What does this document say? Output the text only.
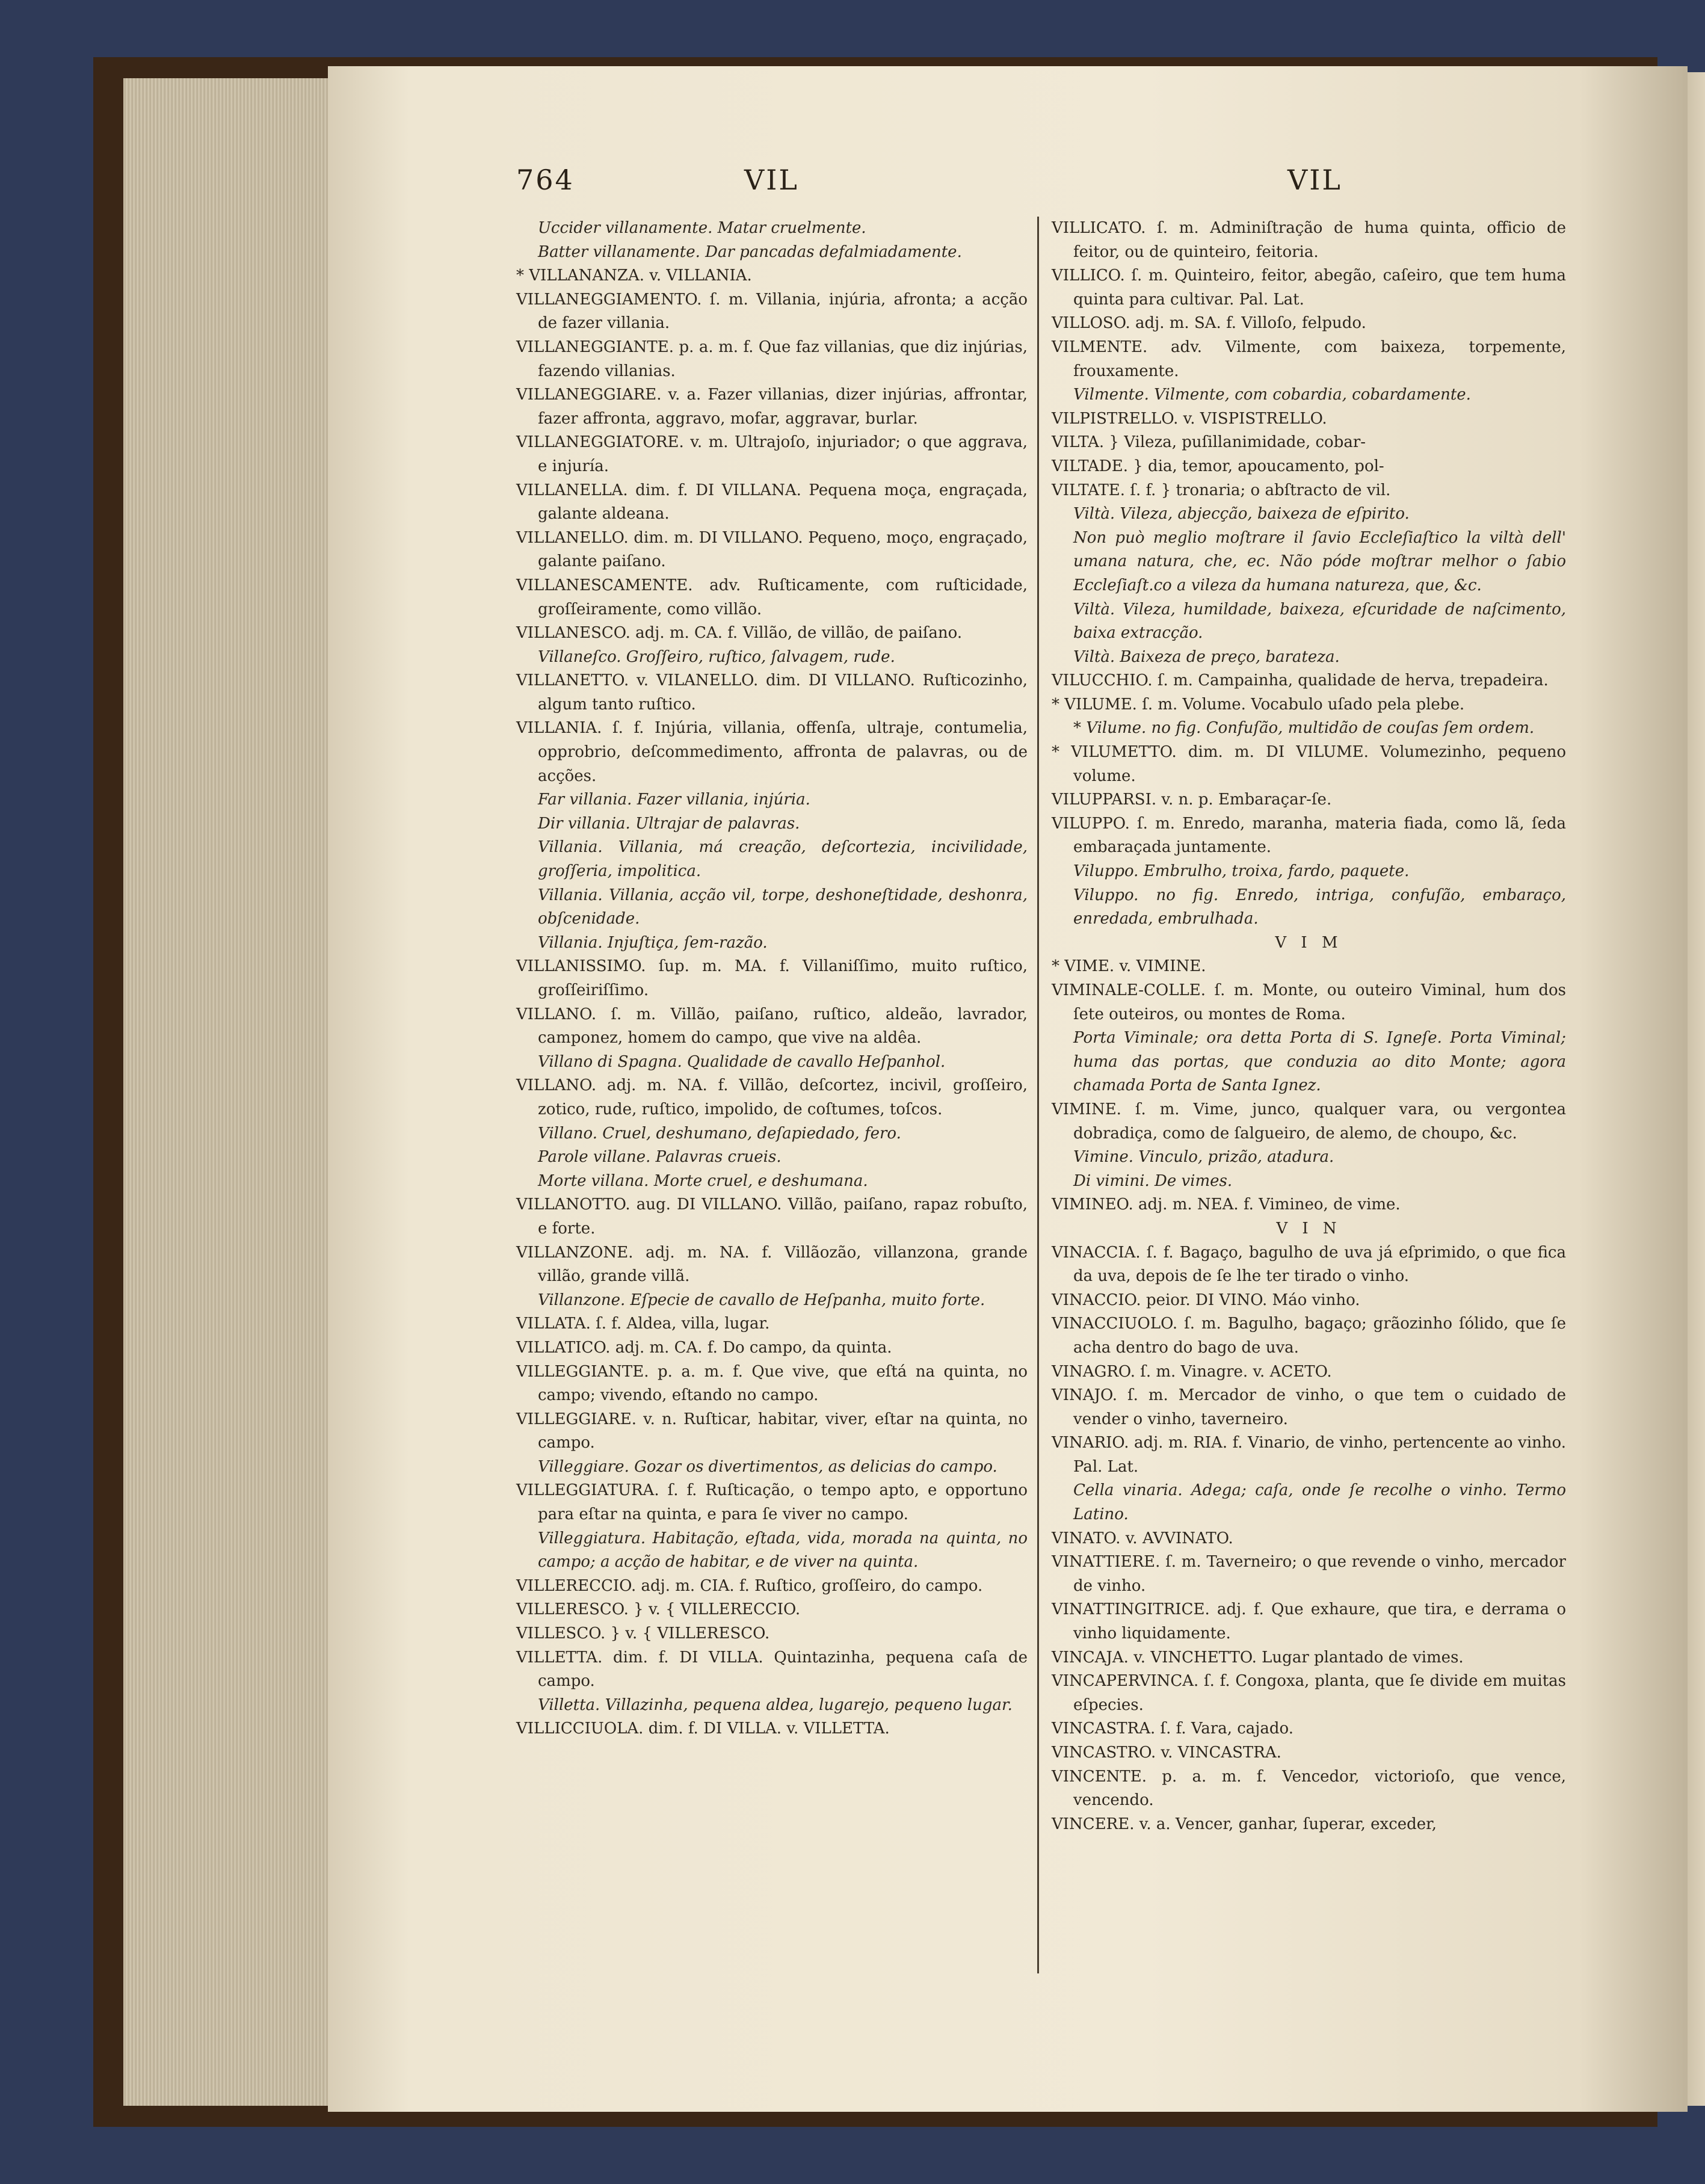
764	VIL	VIL

Uccider villanamente. Matar cruelmente.

Batter villanamente. Dar pancadas defalmiadamente.

* VILLANANZA. v. VILLANIA.

VILLANEGGIAMENTO. ſ. m. Villania, injúria, afronta; a acção de fazer villania.

VILLANEGGIANTE. p. a. m. f. Que faz villanias, que diz injúrias, fazendo villanias.

VILLANEGGIARE. v. a. Fazer villanias, dizer injúrias, affrontar, fazer affronta, aggravo, mofar, aggravar, burlar.

VILLANEGGIATORE. v. m. Ultrajoſo, injuriador; o que aggrava, e injuría.

VILLANELLA. dim. f. DI VILLANA. Pequena moça, engraçada, galante aldeana.

VILLANELLO. dim. m. DI VILLANO. Pequeno, moço, engraçado, galante paiſano.

VILLANESCAMENTE. adv. Ruſticamente, com ruſticidade, groſſeiramente, como villão.

VILLANESCO. adj. m. CA. f. Villão, de villão, de paiſano.

Villaneſco. Groſſeiro, ruſtico, ſalvagem, rude.

VILLANETTO. v. VILANELLO. dim. DI VILLANO. Ruſticozinho, algum tanto ruſtico.

VILLANIA. ſ. f. Injúria, villania, offenſa, ultraje, contumelia, opprobrio, deſcommedimento, affronta de palavras, ou de acções.

Far villania. Fazer villania, injúria.

Dir villania. Ultrajar de palavras.

Villania. Villania, má creação, deſcortezia, incivilidade, groſſeria, impolitica.

Villania. Villania, acção vil, torpe, deshoneſtidade, deshonra, obſcenidade.

Villania. Injuſtiça, ſem-razão.

VILLANISSIMO. ſup. m. MA. f. Villaniſſimo, muito ruſtico, groſſeiriſſimo.

VILLANO. ſ. m. Villão, paiſano, ruſtico, aldeão, lavrador, camponez, homem do campo, que vive na aldêa.

Villano di Spagna. Qualidade de cavallo Heſpanhol.

VILLANO. adj. m. NA. f. Villão, deſcortez, incivil, groſſeiro, zotico, rude, ruſtico, impolido, de coſtumes, toſcos.

Villano. Cruel, deshumano, deſapiedado, fero.

Parole villane. Palavras crueis.

Morte villana. Morte cruel, e deshumana.

VILLANOTTO. aug. DI VILLANO. Villão, paiſano, rapaz robuſto, e forte.

VILLANZONE. adj. m. NA. f. Villãozão, villanzona, grande villão, grande villã.

Villanzone. Eſpecie de cavallo de Heſpanha, muito forte.

VILLATA. ſ. f. Aldea, villa, lugar.

VILLATICO. adj. m. CA. f. Do campo, da quinta.

VILLEGGIANTE. p. a. m. f. Que vive, que eſtá na quinta, no campo; vivendo, eſtando no campo.

VILLEGGIARE. v. n. Ruſticar, habitar, viver, eſtar na quinta, no campo.

Villeggiare. Gozar os divertimentos, as delicias do campo.

VILLEGGIATURA. ſ. f. Ruſticação, o tempo apto, e opportuno para eſtar na quinta, e para ſe viver no campo.

Villeggiatura. Habitação, eſtada, vida, morada na quinta, no campo; a acção de habitar, e de viver na quinta.

VILLERECCIO. adj. m. CIA. f. Ruſtico, groſſeiro, do campo.

VILLERESCO. } v. { VILLERECCIO.

VILLESCO. } v. { VILLERESCO.

VILLETTA. dim. f. DI VILLA. Quintazinha, pequena caſa de campo.

Villetta. Villazinha, pequena aldea, lugarejo, pequeno lugar.

VILLICCIUOLA. dim. f. DI VILLA. v. VILLETTA.

VILLICATO. ſ. m. Adminiſtração de huma quinta, officio de feitor, ou de quinteiro, feitoria.

VILLICO. ſ. m. Quinteiro, feitor, abegão, caſeiro, que tem huma quinta para cultivar. Pal. Lat.

VILLOSO. adj. m. SA. f. Villoſo, felpudo.

VILMENTE. adv. Vilmente, com baixeza, torpemente, frouxamente.

Vilmente. Vilmente, com cobardia, cobardamente.

VILPISTRELLO. v. VISPISTRELLO.

VILTA. } Vileza, puſillanimidade, cobar-

VILTADE. } dia, temor, apoucamento, pol-

VILTATE. ſ. f. } tronaria; o abſtracto de vil.

Viltà. Vileza, abjecção, baixeza de eſpirito.

Non può meglio moſtrare il ſavio Eccleſiaſtico la viltà dell' umana natura, che, ec. Não póde moſtrar melhor o ſabio Eccleſiaſt.co a vileza da humana natureza, que, &c.

Viltà. Vileza, humildade, baixeza, eſcuridade de naſcimento, baixa extracção.

Viltà. Baixeza de preço, barateza.

VILUCCHIO. ſ. m. Campainha, qualidade de herva, trepadeira.

* VILUME. ſ. m. Volume. Vocabulo uſado pela plebe.

* Vilume. no fig. Confuſão, multidão de couſas ſem ordem.

* VILUMETTO. dim. m. DI VILUME. Volumezinho, pequeno volume.

VILUPPARSI. v. n. p. Embaraçar-ſe.

VILUPPO. ſ. m. Enredo, maranha, materia fiada, como lã, ſeda embaraçada juntamente.

Viluppo. Embrulho, troixa, fardo, paquete.

Viluppo. no fig. Enredo, intriga, confuſão, embaraço, enredada, embrulhada.

V I M

* VIME. v. VIMINE.

VIMINALE-COLLE. ſ. m. Monte, ou outeiro Viminal, hum dos ſete outeiros, ou montes de Roma.

Porta Viminale; ora detta Porta di S. Igneſe. Porta Viminal; huma das portas, que conduzia ao dito Monte; agora chamada Porta de Santa Ignez.

VIMINE. ſ. m. Vime, junco, qualquer vara, ou vergontea dobradiça, como de ſalgueiro, de alemo, de choupo, &c.

Vimine. Vinculo, prizão, atadura.

Di vimini. De vimes.

VIMINEO. adj. m. NEA. f. Vimineo, de vime.

V I N

VINACCIA. ſ. f. Bagaço, bagulho de uva já eſprimido, o que fica da uva, depois de ſe lhe ter tirado o vinho.

VINACCIO. peior. DI VINO. Máo vinho.

VINACCIUOLO. ſ. m. Bagulho, bagaço; grãozinho ſólido, que ſe acha dentro do bago de uva.

VINAGRO. ſ. m. Vinagre. v. ACETO.

VINAJO. ſ. m. Mercador de vinho, o que tem o cuidado de vender o vinho, taverneiro.

VINARIO. adj. m. RIA. f. Vinario, de vinho, pertencente ao vinho. Pal. Lat.

Cella vinaria. Adega; caſa, onde ſe recolhe o vinho. Termo Latino.

VINATO. v. AVVINATO.

VINATTIERE. ſ. m. Taverneiro; o que revende o vinho, mercador de vinho.

VINATTINGITRICE. adj. f. Que exhaure, que tira, e derrama o vinho liquidamente.

VINCAJA. v. VINCHETTO. Lugar plantado de vimes.

VINCAPERVINCA. ſ. f. Congoxa, planta, que ſe divide em muitas eſpecies.

VINCASTRA. ſ. f. Vara, cajado.

VINCASTRO. v. VINCASTRA.

VINCENTE. p. a. m. f. Vencedor, victorioſo, que vence, vencendo.

VINCERE. v. a. Vencer, ganhar, ſuperar, exceder,
